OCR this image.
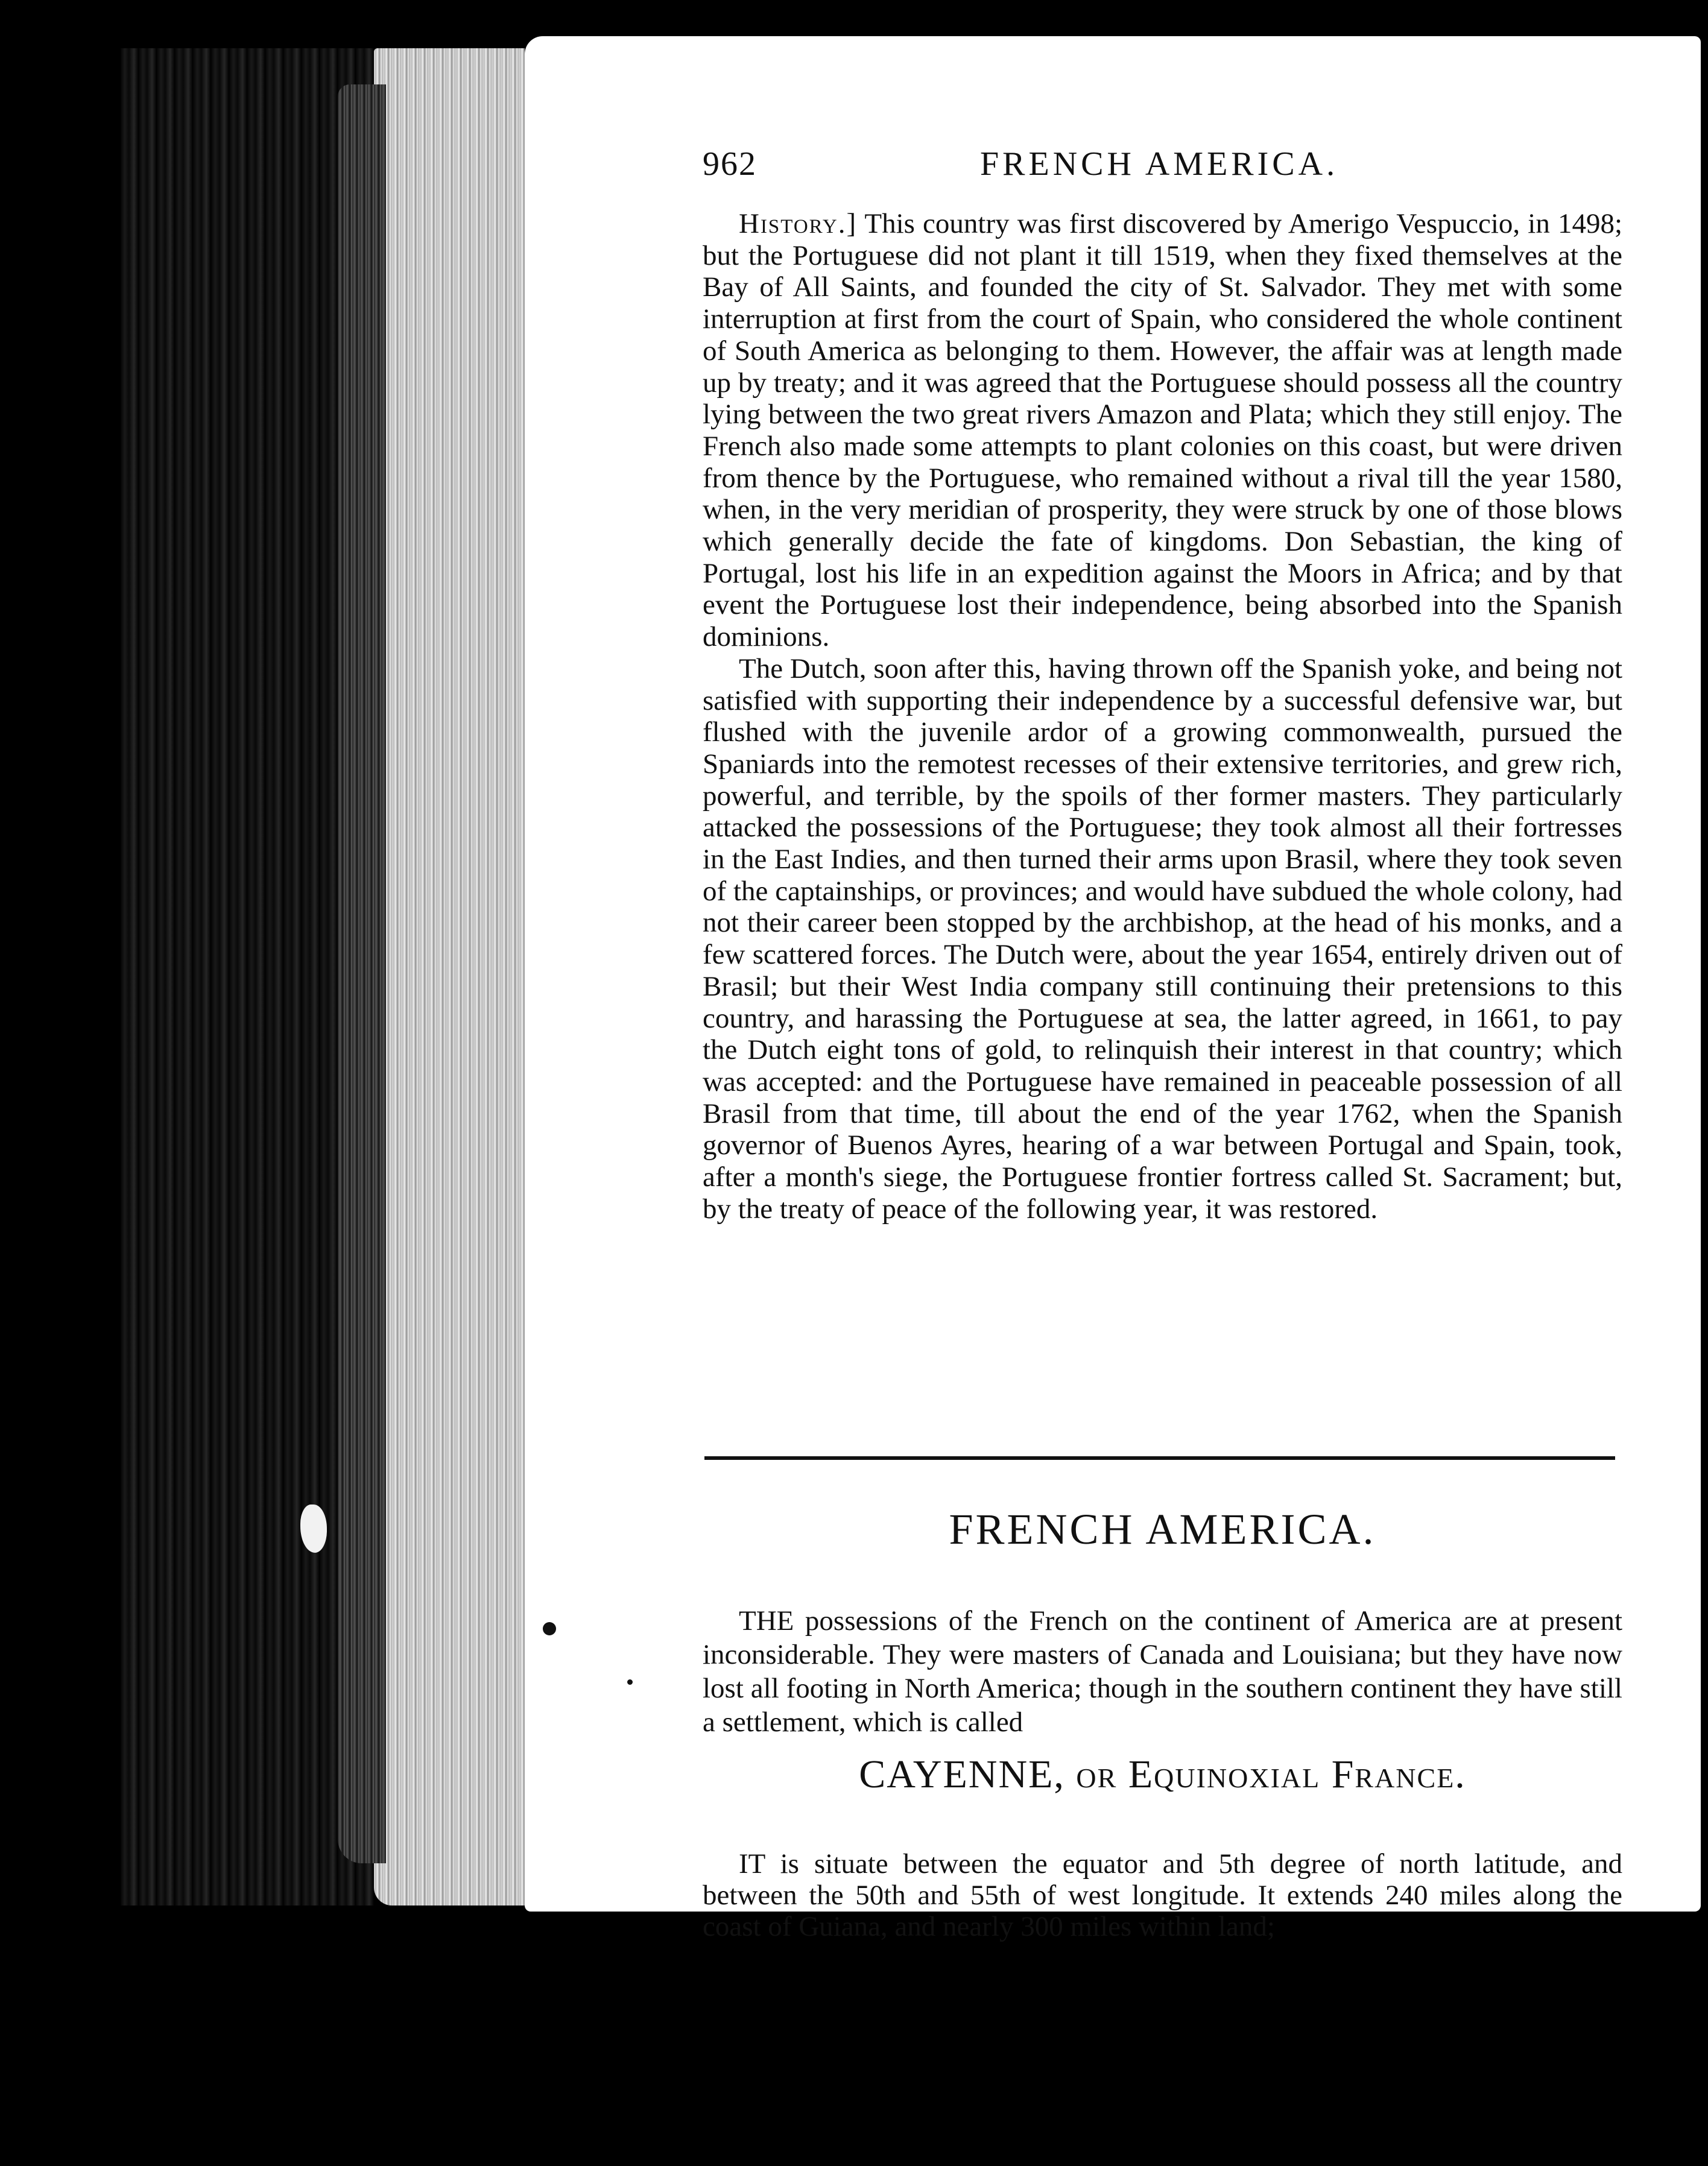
962	FRENCH AMERICA.

History.] This country was first discovered by Amerigo Vespuccio, in 1498; but the Portuguese did not plant it till 1519, when they fixed themselves at the Bay of All Saints, and founded the city of St. Salvador. They met with some interruption at first from the court of Spain, who considered the whole continent of South America as belonging to them. However, the affair was at length made up by treaty; and it was agreed that the Portuguese should possess all the country lying between the two great rivers Amazon and Plata; which they still enjoy. The French also made some attempts to plant colonies on this coast, but were driven from thence by the Portuguese, who remained without a rival till the year 1580, when, in the very meridian of prosperity, they were struck by one of those blows which generally decide the fate of kingdoms. Don Sebastian, the king of Portugal, lost his life in an expedition against the Moors in Africa; and by that event the Portuguese lost their independence, being absorbed into the Spanish dominions.

The Dutch, soon after this, having thrown off the Spanish yoke, and being not satisfied with supporting their independence by a successful defensive war, but flushed with the juvenile ardor of a growing commonwealth, pursued the Spaniards into the remotest recesses of their extensive territories, and grew rich, powerful, and terrible, by the spoils of ther former masters. They particularly attacked the possessions of the Portuguese; they took almost all their fortresses in the East Indies, and then turned their arms upon Brasil, where they took seven of the captainships, or provinces; and would have subdued the whole colony, had not their career been stopped by the archbishop, at the head of his monks, and a few scattered forces. The Dutch were, about the year 1654, entirely driven out of Brasil; but their West India company still continuing their pretensions to this country, and harassing the Portuguese at sea, the latter agreed, in 1661, to pay the Dutch eight tons of gold, to relinquish their interest in that country; which was accepted: and the Portuguese have remained in peaceable possession of all Brasil from that time, till about the end of the year 1762, when the Spanish governor of Buenos Ayres, hearing of a war between Portugal and Spain, took, after a month's siege, the Portuguese frontier fortress called St. Sacrament; but, by the treaty of peace of the following year, it was restored.

FRENCH AMERICA.

THE possessions of the French on the continent of America are at present inconsiderable. They were masters of Canada and Louisiana; but they have now lost all footing in North America; though in the southern continent they have still a settlement, which is called

CAYENNE, or Equinoxial France.

IT is situate between the equator and 5th degree of north latitude, and between the 50th and 55th of west longitude. It extends 240 miles along the coast of Guiana, and nearly 300 miles within land;
